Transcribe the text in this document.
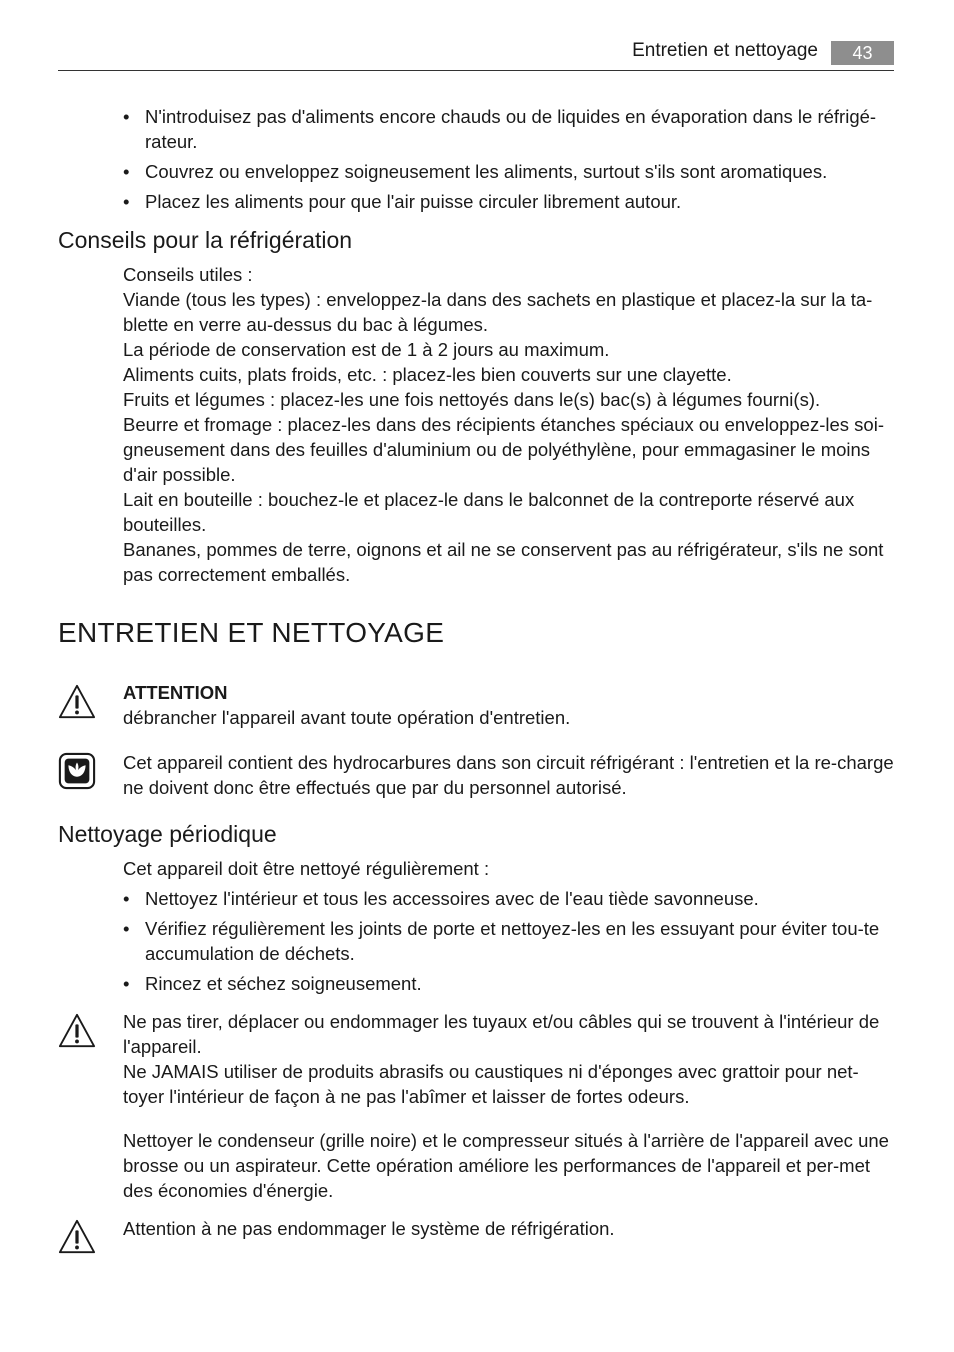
Entretien et nettoyage	43
• N'introduisez pas d'aliments encore chauds ou de liquides en évaporation dans le réfrigé-rateur.
• Couvrez ou enveloppez soigneusement les aliments, surtout s'ils sont aromatiques.
• Placez les aliments pour que l'air puisse circuler librement autour.
Conseils pour la réfrigération

Conseils utiles :

Viande (tous les types) : enveloppez-la dans des sachets en plastique et placez-la sur la ta-blette en verre au-dessus du bac à légumes.

La période de conservation est de 1 à 2 jours au maximum.

Aliments cuits, plats froids, etc. : placez-les bien couverts sur une clayette.

Fruits et légumes : placez-les une fois nettoyés dans le(s) bac(s) à légumes fourni(s).

Beurre et fromage : placez-les dans des récipients étanches spéciaux ou enveloppez-les soi-gneusement dans des feuilles d'aluminium ou de polyéthylène, pour emmagasiner le moins d'air possible.

Lait en bouteille : bouchez-le et placez-le dans le balconnet de la contreporte réservé aux bouteilles.

Bananes, pommes de terre, oignons et ail ne se conservent pas au réfrigérateur, s'ils ne sont pas correctement emballés.

ENTRETIEN ET NETTOYAGE

ATTENTION

débrancher l'appareil avant toute opération d'entretien.

Cet appareil contient des hydrocarbures dans son circuit réfrigérant : l'entretien et la re-charge ne doivent donc être effectués que par du personnel autorisé.

Nettoyage périodique

Cet appareil doit être nettoyé régulièrement :

• Nettoyez l'intérieur et tous les accessoires avec de l'eau tiède savonneuse.
• Vérifiez régulièrement les joints de porte et nettoyez-les en les essuyant pour éviter tou-te accumulation de déchets.
• Rincez et séchez soigneusement.

Ne pas tirer, déplacer ou endommager les tuyaux et/ou câbles qui se trouvent à l'intérieur de l'appareil.

Ne JAMAIS utiliser de produits abrasifs ou caustiques ni d'éponges avec grattoir pour net-toyer l'intérieur de façon à ne pas l'abîmer et laisser de fortes odeurs.

Nettoyer le condenseur (grille noire) et le compresseur situés à l'arrière de l'appareil avec une brosse ou un aspirateur. Cette opération améliore les performances de l'appareil et per-met des économies d'énergie.

Attention à ne pas endommager le système de réfrigération.
